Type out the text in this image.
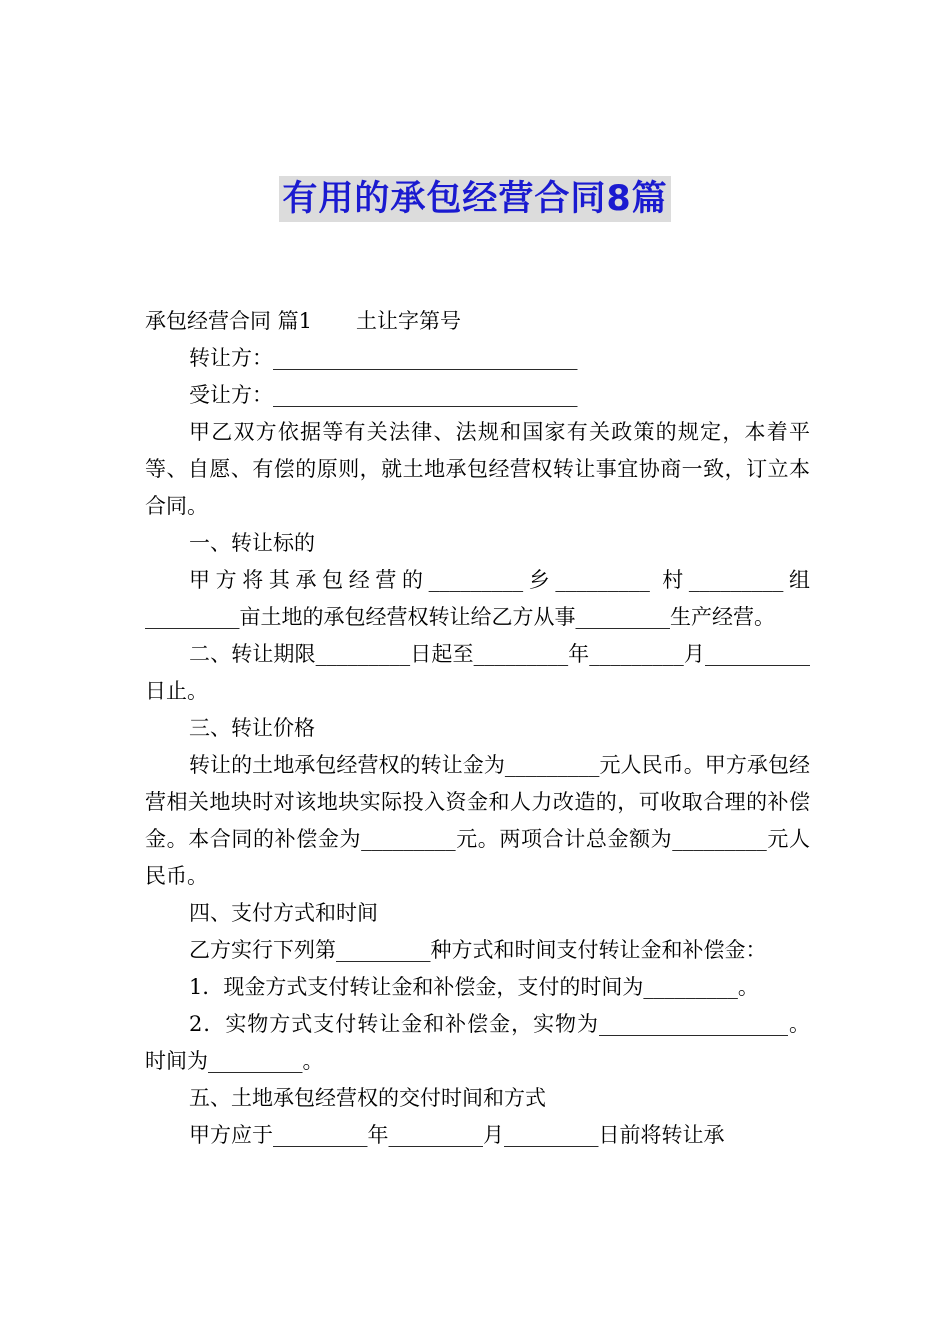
有用的承包经营合同8篇

承包经营合同 篇1 土让字第号

转让方：_____________________________

受让方：_____________________________

甲乙双方依据等有关法律、法规和国家有关政策的规定，本着平等、自愿、有偿的原则，就土地承包经营权转让事宜协商一致，订立本合同。

一、转让标的

甲方将其承包经营的_________乡_________ 村_________组_________亩土地的承包经营权转让给乙方从事_________生产经营。

二、转让期限_________日起至_________年_________月__________日止。

三、转让价格

转让的土地承包经营权的转让金为_________元人民币。甲方承包经营相关地块时对该地块实际投入资金和人力改造的，可收取合理的补偿金。本合同的补偿金为_________元。两项合计总金额为_________元人民币。

四、支付方式和时间

乙方实行下列第_________种方式和时间支付转让金和补偿金：

1．现金方式支付转让金和补偿金，支付的时间为_________。

2．实物方式支付转让金和补偿金，实物为__________________。时间为_________。

五、土地承包经营权的交付时间和方式

甲方应于_________年_________月_________日前将转让承
